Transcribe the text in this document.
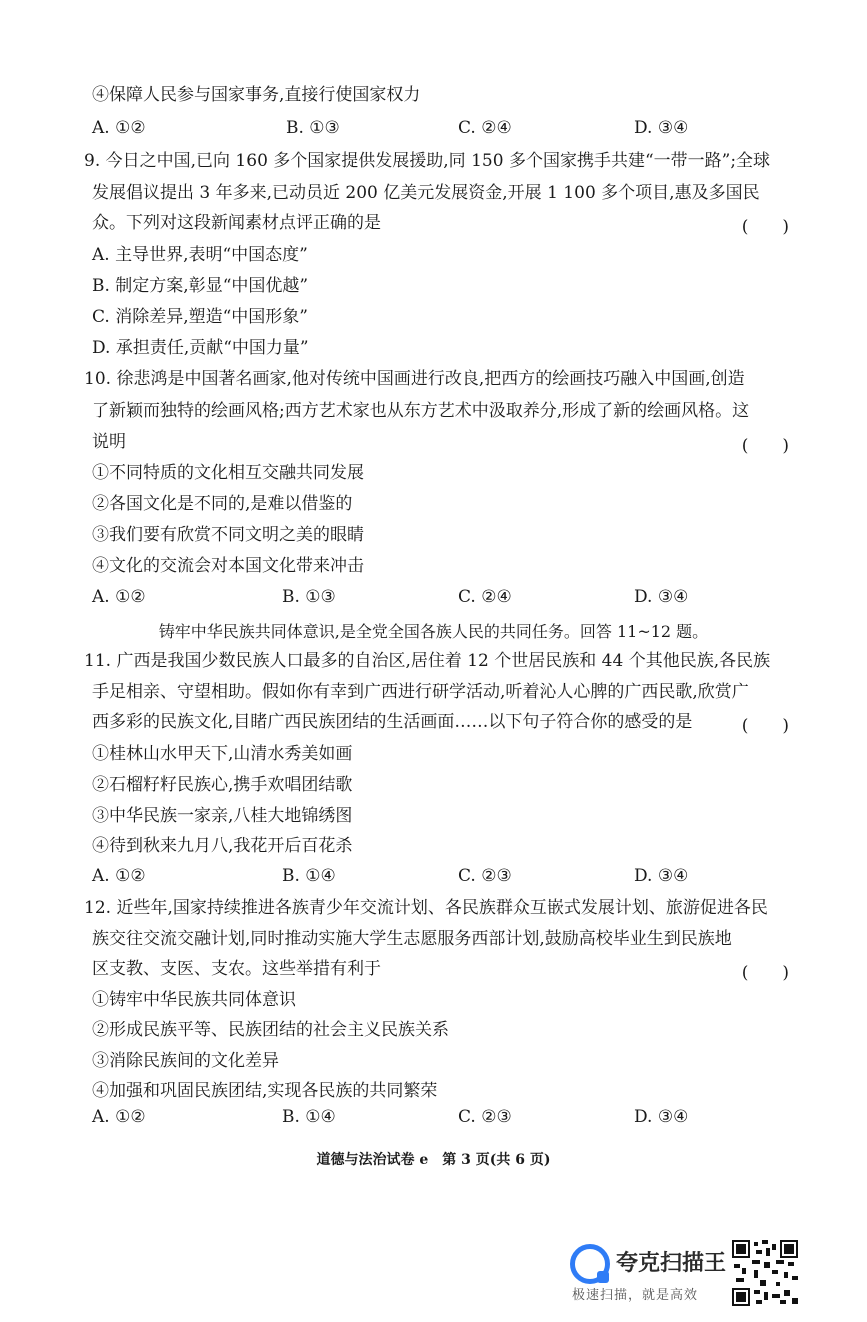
④保障人民参与国家事务,直接行使国家权力
A. ①②	B. ①③	C. ②④	D. ③④
9. 今日之中国,已向 160 多个国家提供发展援助,同 150 多个国家携手共建“一带一路”;全球
发展倡议提出 3 年多来,已动员近 200 亿美元发展资金,开展 1 100 多个项目,惠及多国民
众。下列对这段新闻素材点评正确的是	(　　)
A. 主导世界,表明“中国态度”
B. 制定方案,彰显“中国优越”
C. 消除差异,塑造“中国形象”
D. 承担责任,贡献“中国力量”
10. 徐悲鸿是中国著名画家,他对传统中国画进行改良,把西方的绘画技巧融入中国画,创造
了新颖而独特的绘画风格;西方艺术家也从东方艺术中汲取养分,形成了新的绘画风格。这
说明	(　　)
①不同特质的文化相互交融共同发展
②各国文化是不同的,是难以借鉴的
③我们要有欣赏不同文明之美的眼睛
④文化的交流会对本国文化带来冲击
A. ①②	B. ①③	C. ②④	D. ③④
铸牢中华民族共同体意识,是全党全国各族人民的共同任务。回答 11~12 题。
11. 广西是我国少数民族人口最多的自治区,居住着 12 个世居民族和 44 个其他民族,各民族
手足相亲、守望相助。假如你有幸到广西进行研学活动,听着沁人心脾的广西民歌,欣赏广
西多彩的民族文化,目睹广西民族团结的生活画面……以下句子符合你的感受的是	(　　)
①桂林山水甲天下,山清水秀美如画
②石榴籽籽民族心,携手欢唱团结歌
③中华民族一家亲,八桂大地锦绣图
④待到秋来九月八,我花开后百花杀
A. ①②	B. ①④	C. ②③	D. ③④
12. 近些年,国家持续推进各族青少年交流计划、各民族群众互嵌式发展计划、旅游促进各民
族交往交流交融计划,同时推动实施大学生志愿服务西部计划,鼓励高校毕业生到民族地
区支教、支医、支农。这些举措有利于	(　　)
①铸牢中华民族共同体意识
②形成民族平等、民族团结的社会主义民族关系
③消除民族间的文化差异
④加强和巩固民族团结,实现各民族的共同繁荣
A. ①②	B. ①④	C. ②③	D. ③④
道德与法治试卷 e　第 3 页(共 6 页)
夸克扫描王
极速扫描，就是高效
